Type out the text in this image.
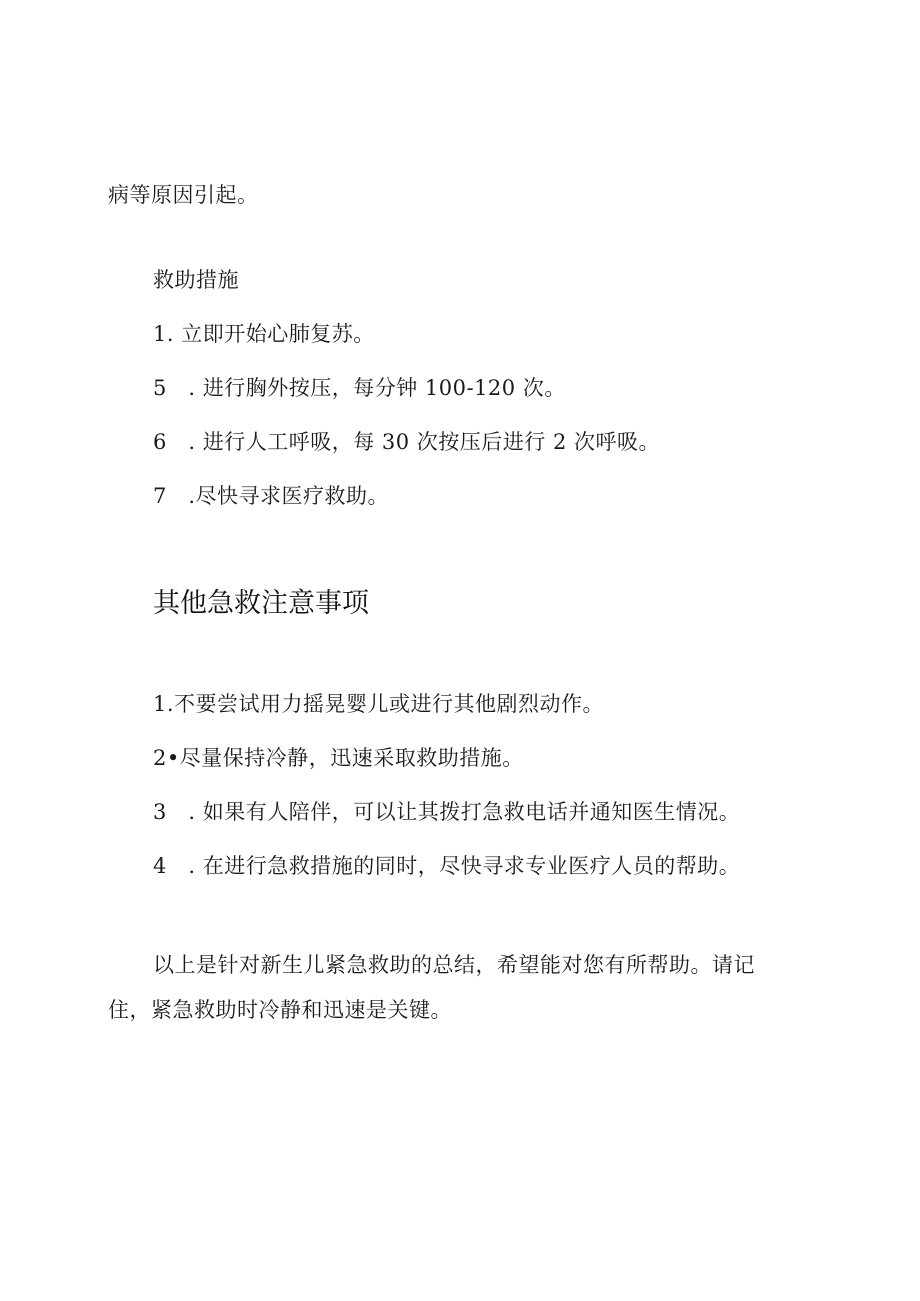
病等原因引起。
救助措施
1. 立即开始心肺复苏。
5　. 进行胸外按压，每分钟 100-120 次。
6　. 进行人工呼吸，每 30 次按压后进行 2 次呼吸。
7　.尽快寻求医疗救助。
其他急救注意事项
1.不要尝试用力摇晃婴儿或进行其他剧烈动作。
2•尽量保持冷静，迅速采取救助措施。
3　. 如果有人陪伴，可以让其拨打急救电话并通知医生情况。
4　. 在进行急救措施的同时，尽快寻求专业医疗人员的帮助。
以上是针对新生儿紧急救助的总结，希望能对您有所帮助。请记
住，紧急救助时冷静和迅速是关键。
